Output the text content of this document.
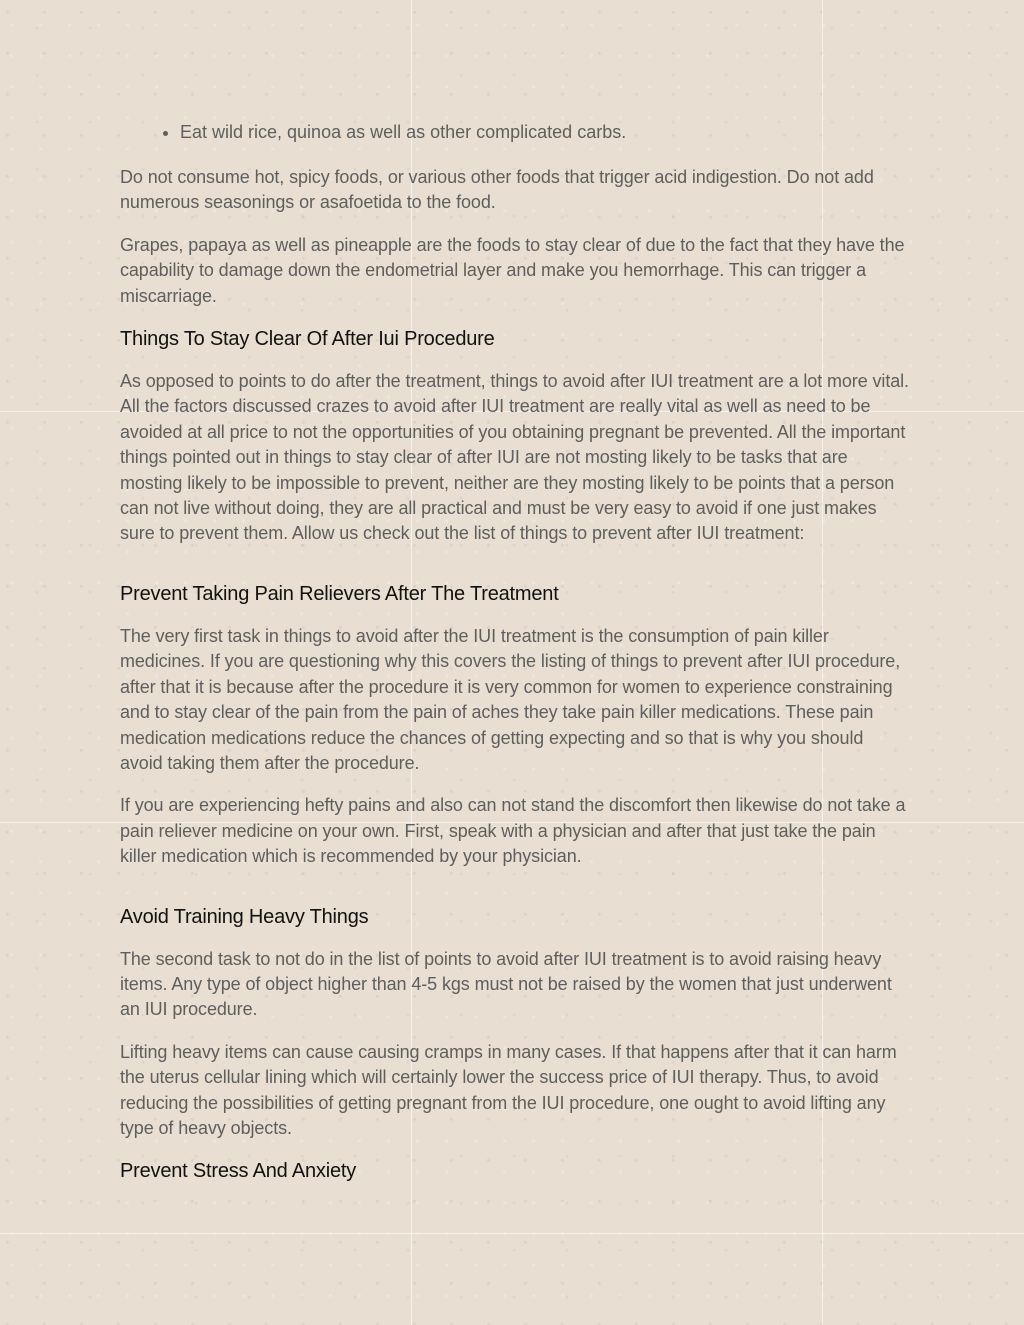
• Eat wild rice, quinoa as well as other complicated carbs.

Do not consume hot, spicy foods, or various other foods that trigger acid indigestion. Do not add numerous seasonings or asafoetida to the food.

Grapes, papaya as well as pineapple are the foods to stay clear of due to the fact that they have the capability to damage down the endometrial layer and make you hemorrhage. This can trigger a miscarriage.

Things To Stay Clear Of After Iui Procedure

As opposed to points to do after the treatment, things to avoid after IUI treatment are a lot more vital. All the factors discussed crazes to avoid after IUI treatment are really vital as well as need to be avoided at all price to not the opportunities of you obtaining pregnant be prevented. All the important things pointed out in things to stay clear of after IUI are not mosting likely to be tasks that are mosting likely to be impossible to prevent, neither are they mosting likely to be points that a person can not live without doing, they are all practical and must be very easy to avoid if one just makes sure to prevent them. Allow us check out the list of things to prevent after IUI treatment:

Prevent Taking Pain Relievers After The Treatment

The very first task in things to avoid after the IUI treatment is the consumption of pain killer medicines. If you are questioning why this covers the listing of things to prevent after IUI procedure, after that it is because after the procedure it is very common for women to experience constraining and to stay clear of the pain from the pain of aches they take pain killer medications. These pain medication medications reduce the chances of getting expecting and so that is why you should avoid taking them after the procedure.

If you are experiencing hefty pains and also can not stand the discomfort then likewise do not take a pain reliever medicine on your own. First, speak with a physician and after that just take the pain killer medication which is recommended by your physician.

Avoid Training Heavy Things

The second task to not do in the list of points to avoid after IUI treatment is to avoid raising heavy items. Any type of object higher than 4-5 kgs must not be raised by the women that just underwent an IUI procedure.

Lifting heavy items can cause causing cramps in many cases. If that happens after that it can harm the uterus cellular lining which will certainly lower the success price of IUI therapy. Thus, to avoid reducing the possibilities of getting pregnant from the IUI procedure, one ought to avoid lifting any type of heavy objects.

Prevent Stress And Anxiety
